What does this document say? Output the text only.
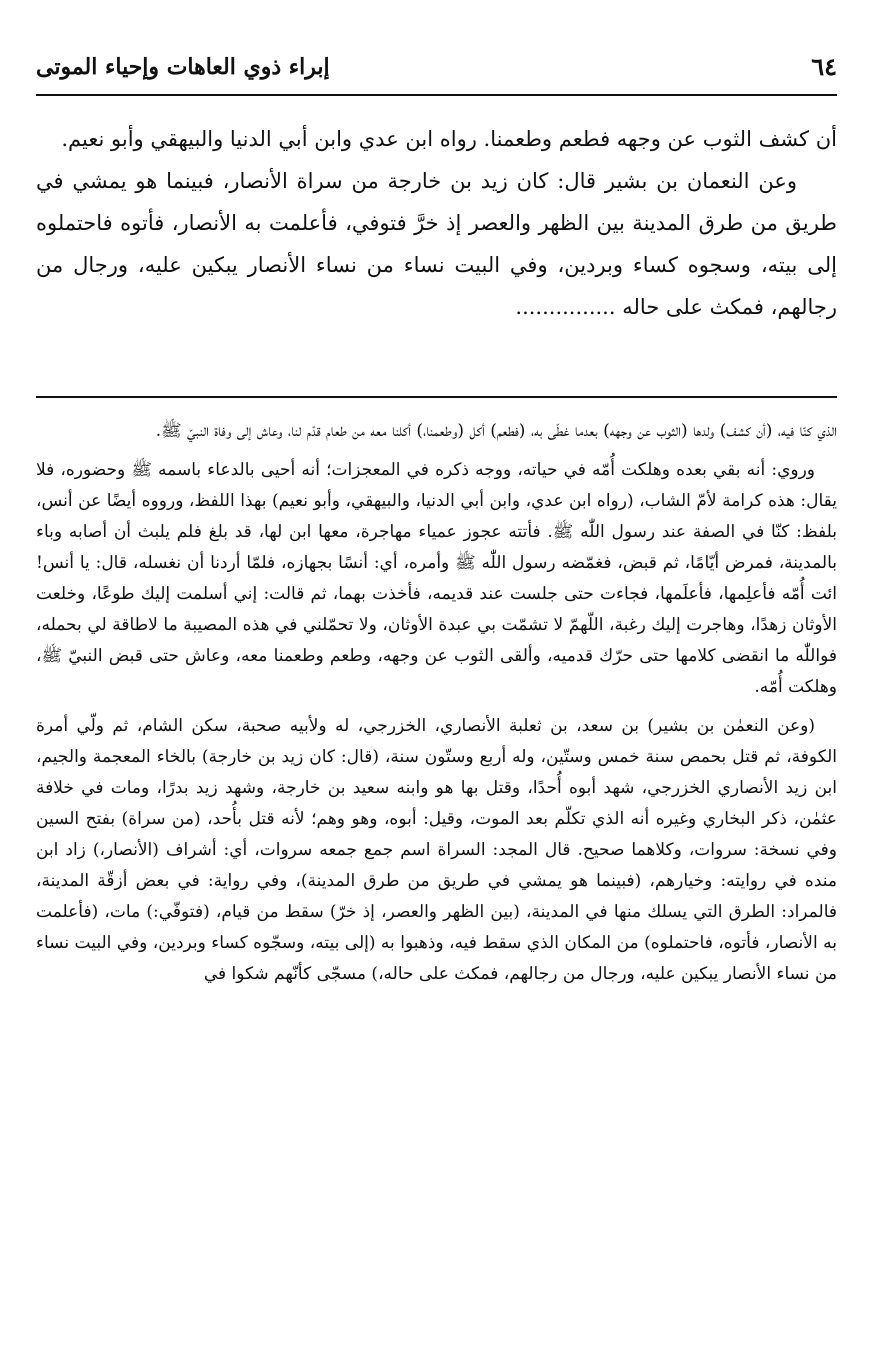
٦٤
إبراء ذوي العاهات وإحياء الموتى

أن كشف الثوب عن وجهه فطعم وطعمنا. رواه ابن عدي وابن أبي الدنيا والبيهقي وأبو نعيم.

وعن النعمان بن بشير قال: كان زيد بن خارجة من سراة الأنصار، فبينما هو يمشي في طريق من طرق المدينة بين الظهر والعصر إذ خرَّ فتوفي، فأعلمت به الأنصار، فأتوه فاحتملوه إلى بيته، وسجوه كساء وبردين، وفي البيت نساء من نساء الأنصار يبكين عليه، ورجال من رجالهم، فمكث على حاله ...............

الذي كنّا فيه، (أن كشف) ولدها (الثوب عن وجهه) بعدما غطّى به، (فطعم) أكل (وطعمنا،) أكلنا معه من طعام قدّم لنا، وعاش إلى وفاة النبيّ ﷺ.

وروي: أنه بقي بعده وهلكت أُمّه في حياته، ووجه ذكره في المعجزات؛ أنه أحيى بالدعاء باسمه ﷺ وحضوره، فلا يقال: هذه كرامة لأمّ الشاب، (رواه ابن عدي، وابن أبي الدنيا، والبيهقي، وأبو نعيم) بهذا اللفظ، ورووه أيضًا عن أنس، بلفظ: كنّا في الصفة عند رسول اللّٰه ﷺ. فأتته عجوز عمياء مهاجرة، معها ابن لها، قد بلغ فلم يلبث أن أصابه وباء بالمدينة، فمرض أيّامًا، ثم قبض، فغمّضه رسول اللّٰه ﷺ وأمره، أي: أنسًا بجهازه، فلمّا أردنا أن نغسله، قال: يا أنس! ائت أُمّه فأعلِمها، فأعلَمها، فجاءت حتى جلست عند قديمه، فأخذت بهما، ثم قالت: إني أسلمت إليك طوعًا، وخلعت الأوثان زهدًا، وهاجرت إليك رغبة، اللّهمّ لا تشمّت بي عبدة الأوثان، ولا تحمّلني في هذه المصيبة ما لاطاقة لي بحمله، فواللّٰه ما انقضى كلامها حتى حرّك قدميه، وألقى الثوب عن وجهه، وطعم وطعمنا معه، وعاش حتى قبض النبيّ ﷺ، وهلكت أُمّه.

(وعن النعمٰن بن بشير) بن سعد، بن ثعلبة الأنصاري، الخزرجي، له ولأبيه صحبة، سكن الشام، ثم ولّي أمرة الكوفة، ثم قتل بحمص سنة خمس وستّين، وله أربع وستّون سنة، (قال: كان زيد بن خارجة) بالخاء المعجمة والجيم، ابن زيد الأنصاري الخزرجي، شهد أبوه أُحدًا، وقتل بها هو وابنه سعيد بن خارجة، وشهد زيد بدرًا، ومات في خلافة عثمٰن، ذكر البخاري وغيره أنه الذي تكلّم بعد الموت، وقيل: أبوه، وهو وهم؛ لأنه قتل بأُحد، (من سراة) بفتح السين وفي نسخة: سروات، وكلاهما صحيح. قال المجد: السراة اسم جمع جمعه سروات، أي: أشراف (الأنصار،) زاد ابن منده في روايته: وخيارهم، (فبينما هو يمشي في طريق من طرق المدينة)، وفي رواية: في بعض أزقّة المدينة، فالمراد: الطرق التي يسلك منها في المدينة، (بين الظهر والعصر، إذ خرّ) سقط من قيام، (فتوفّي:) مات، (فأعلمت به الأنصار، فأتوه، فاحتملوه) من المكان الذي سقط فيه، وذهبوا به (إلى بيته، وسجّوه كساء وبردين، وفي البيت نساء من نساء الأنصار يبكين عليه، ورجال من رجالهم، فمكث على حاله،) مسجّى كأنّهم شكوا في
